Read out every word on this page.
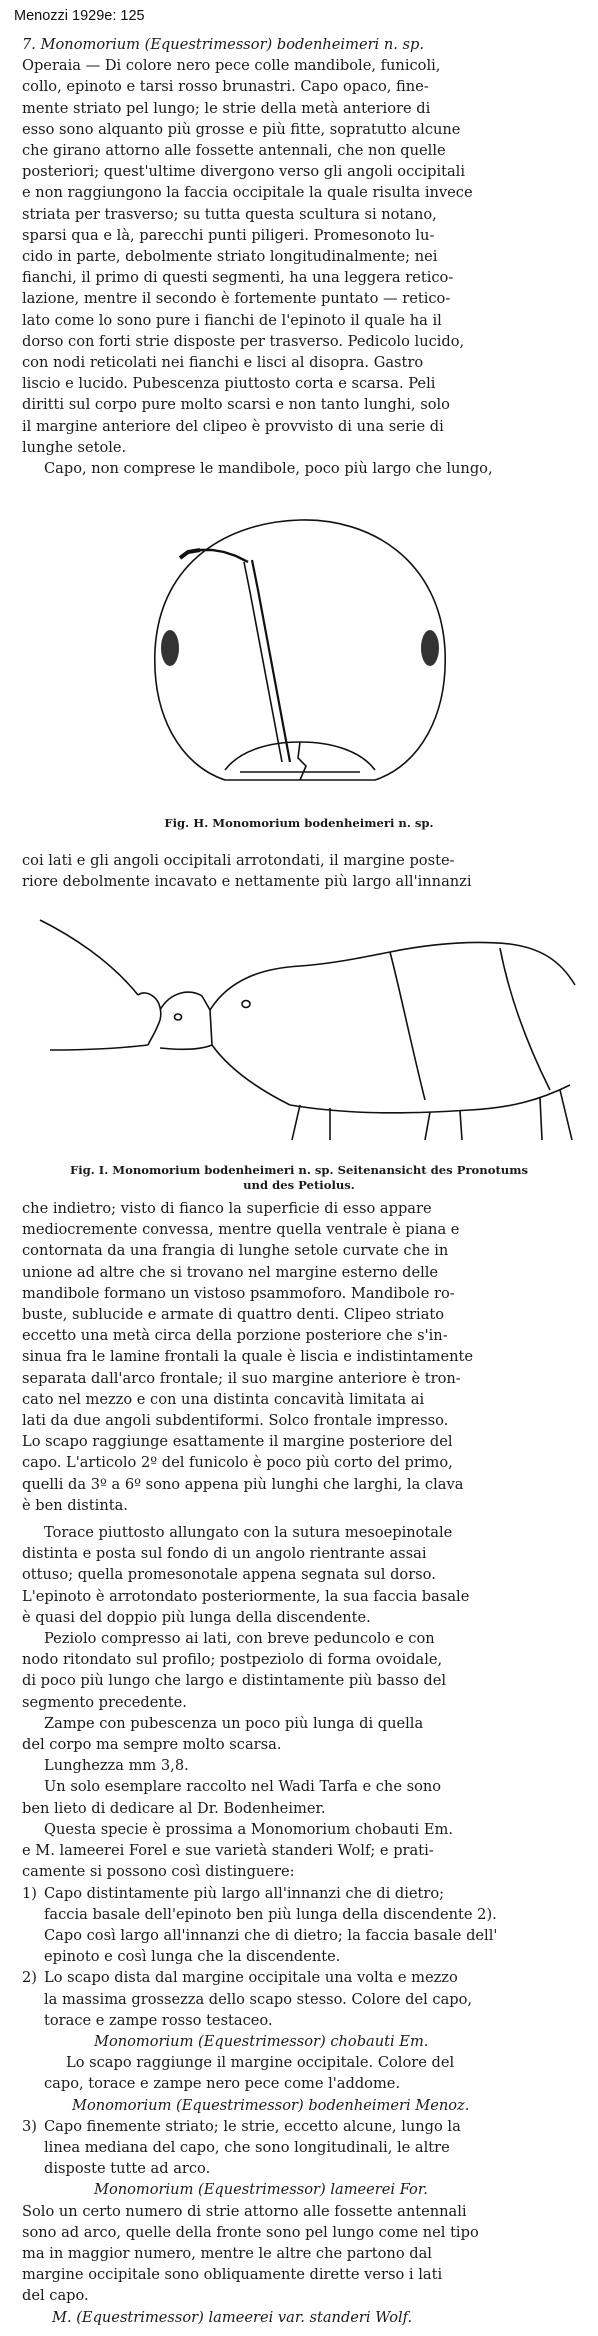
Menozzi 1929e: 125

7. Monomorium (Equestrimessor) bodenheimeri n. sp.
Operaia — Di colore nero pece colle mandibole, funicoli,
collo, epinoto e tarsi rosso brunastri. Capo opaco, fine-
mente striato pel lungo; le strie della metà anteriore di
esso sono alquanto più grosse e più fitte, sopratutto alcune
che girano attorno alle fossette antennali, che non quelle
posteriori; quest'ultime divergono verso gli angoli occipitali
e non raggiungono la faccia occipitale la quale risulta invece
striata per trasverso; su tutta questa scultura si notano,
sparsi qua e là, parecchi punti piligeri. Promesonoto lu-
cido in parte, debolmente striato longitudinalmente; nei
fianchi, il primo di questi segmenti, ha una leggera retico-
lazione, mentre il secondo è fortemente puntato — retico-
lato come lo sono pure i fianchi de l'epinoto il quale ha il
dorso con forti strie disposte per trasverso. Pedicolo lucido,
con nodi reticolati nei fianchi e lisci al disopra. Gastro
liscio e lucido. Pubescenza piuttosto corta e scarsa. Peli
diritti sul corpo pure molto scarsi e non tanto lunghi, solo
il margine anteriore del clipeo è provvisto di una serie di
lunghe setole.
Capo, non comprese le mandibole, poco più largo che lungo,

Fig. H. Monomorium bodenheimeri n. sp.

coi lati e gli angoli occipitali arrotondati, il margine poste-
riore debolmente incavato e nettamente più largo all'innanzi

Fig. I. Monomorium bodenheimeri n. sp. Seitenansicht des Pronotums
und des Petiolus.

che indietro; visto di fianco la superficie di esso appare
mediocremente convessa, mentre quella ventrale è piana e
contornata da una frangia di lunghe setole curvate che in
unione ad altre che si trovano nel margine esterno delle
mandibole formano un vistoso psammoforo. Mandibole ro-
buste, sublucide e armate di quattro denti. Clipeo striato
eccetto una metà circa della porzione posteriore che s'in-
sinua fra le lamine frontali la quale è liscia e indistintamente
separata dall'arco frontale; il suo margine anteriore è tron-
cato nel mezzo e con una distinta concavità limitata ai
lati da due angoli subdentiformi. Solco frontale impresso.
Lo scapo raggiunge esattamente il margine posteriore del
capo. L'articolo 2º del funicolo è poco più corto del primo,
quelli da 3º a 6º sono appena più lunghi che larghi, la clava
è ben distinta.

Torace piuttosto allungato con la sutura mesoepinotale
distinta e posta sul fondo di un angolo rientrante assai
ottuso; quella promesonotale appena segnata sul dorso.
L'epinoto è arrotondato posteriormente, la sua faccia basale
è quasi del doppio più lunga della discendente.

Peziolo compresso ai lati, con breve peduncolo e con
nodo ritondato sul profilo; postpeziolo di forma ovoidale,
di poco più lungo che largo e distintamente più basso del
segmento precedente.

Zampe con pubescenza un poco più lunga di quella
del corpo ma sempre molto scarsa.
Lunghezza mm 3,8.

Un solo esemplare raccolto nel Wadi Tarfa e che sono
ben lieto di dedicare al Dr. Bodenheimer.

Questa specie è prossima a Monomorium chobauti Em.
e M. lameerei Forel e sue varietà standeri Wolf; e prati-
camente si possono così distinguere:

1) Capo distintamente più largo all'innanzi che di dietro;
faccia basale dell'epinoto ben più lunga della discendente 2).
Capo così largo all'innanzi che di dietro; la faccia basale dell'
epinoto e così lunga che la discendente.
2) Lo scapo dista dal margine occipitale una volta e mezzo
la massima grossezza dello scapo stesso. Colore del capo,
torace e zampe rosso testaceo.
Monomorium (Equestrimessor) chobauti Em.
Lo scapo raggiunge il margine occipitale. Colore del
capo, torace e zampe nero pece come l'addome.
Monomorium (Equestrimessor) bodenheimeri Menoz.
3) Capo finemente striato; le strie, eccetto alcune, lungo la
linea mediana del capo, che sono longitudinali, le altre
disposte tutte ad arco.
Monomorium (Equestrimessor) lameerei For.
Solo un certo numero di strie attorno alle fossette antennali
sono ad arco, quelle della fronte sono pel lungo come nel tipo
ma in maggior numero, mentre le altre che partono dal
margine occipitale sono obliquamente dirette verso i lati
del capo.
M. (Equestrimessor) lameerei var. standeri Wolf.
